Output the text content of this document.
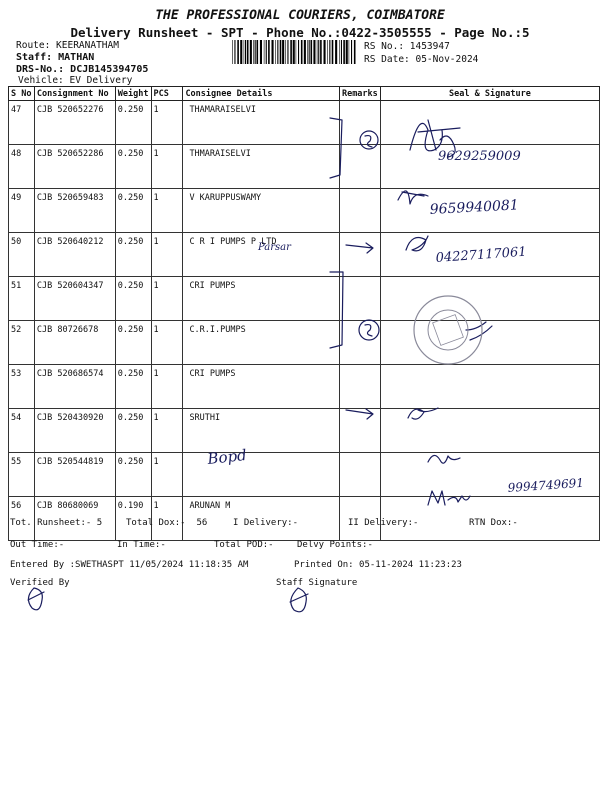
THE PROFESSIONAL COURIERS, COIMBATORE
Delivery Runsheet - SPT - Phone No.:0422-3505555 - Page No.:5
Route: KEERANATHAM
Staff: MATHAN
DRS-No.: DCJB145394705
Vehicle: EV Delivery
RS No.: 1453947
RS Date: 05-Nov-2024
S No	Consignment No	Weight	PCS	Consignee Details	Remarks	Seal & Signature
47	CJB 520652276	0.250	1	THAMARAISELVI		
48	CJB 520652286	0.250	1	THMARAISELVI		
49	CJB 520659483	0.250	1	V KARUPPUSWAMY		
50	CJB 520640212	0.250	1	C R I PUMPS P LTD		
51	CJB 520604347	0.250	1	CRI PUMPS		
52	CJB 80726678	0.250	1	C.R.I.PUMPS		
53	CJB 520686574	0.250	1	CRI PUMPS		
54	CJB 520430920	0.250	1	SRUTHI		
55	CJB 520544819	0.250	1			
56	CJB 80680069	0.190	1	ARUNAN M		
9629259009
9659940081
04227117061
Parsar
Bopd
9994749691
Tot. Runsheet:- 5	Total Dox:-  56	I Delivery:-	II Delivery:-	RTN Dox:-
Out Time:-	In Time:-	Total POD:-	Delvy Points:-
Entered By :SWETHASPT 11/05/2024 11:18:35 AM	Printed On: 05-11-2024 11:23:23
Verified By	Staff Signature
